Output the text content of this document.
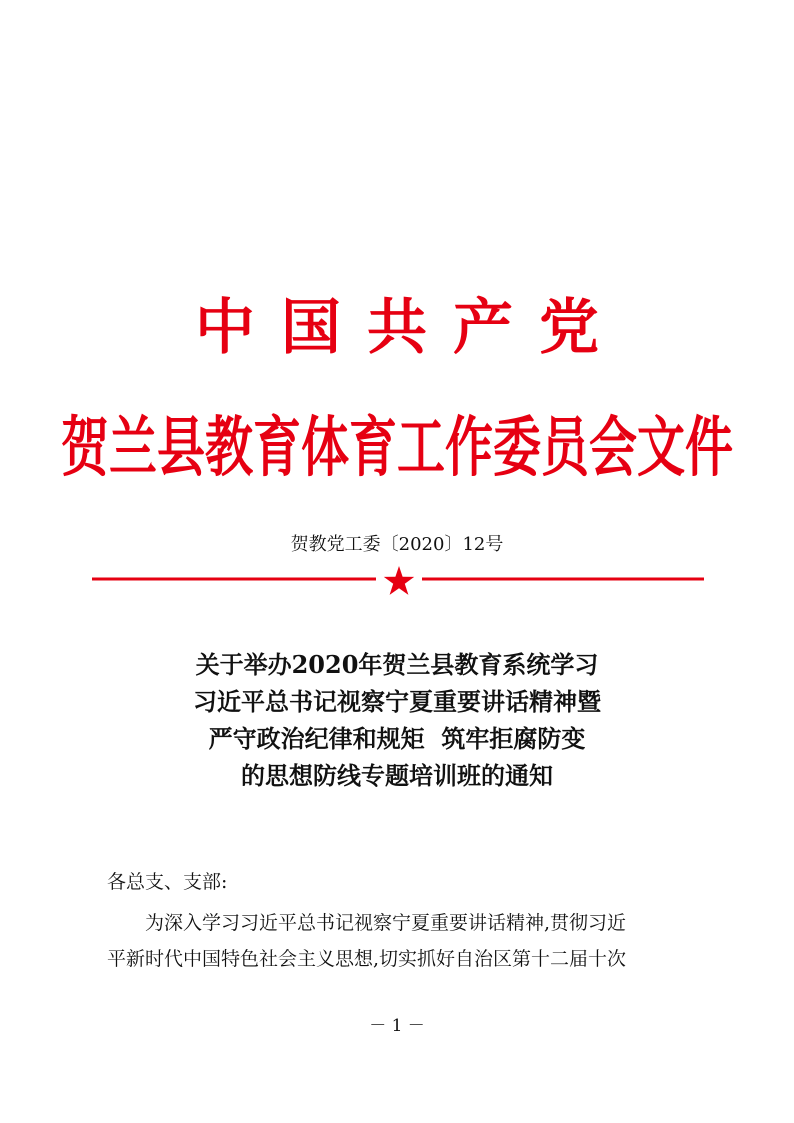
中国共产党
贺兰县教育体育工作委员会文件
贺教党工委〔2020〕12号
关于举办2020年贺兰县教育系统学习
习近平总书记视察宁夏重要讲话精神暨
严守政治纪律和规矩  筑牢拒腐防变
的思想防线专题培训班的通知
各总支、支部:
为深入学习习近平总书记视察宁夏重要讲话精神,贯彻习近
平新时代中国特色社会主义思想,切实抓好自治区第十二届十次
－ 1 －
